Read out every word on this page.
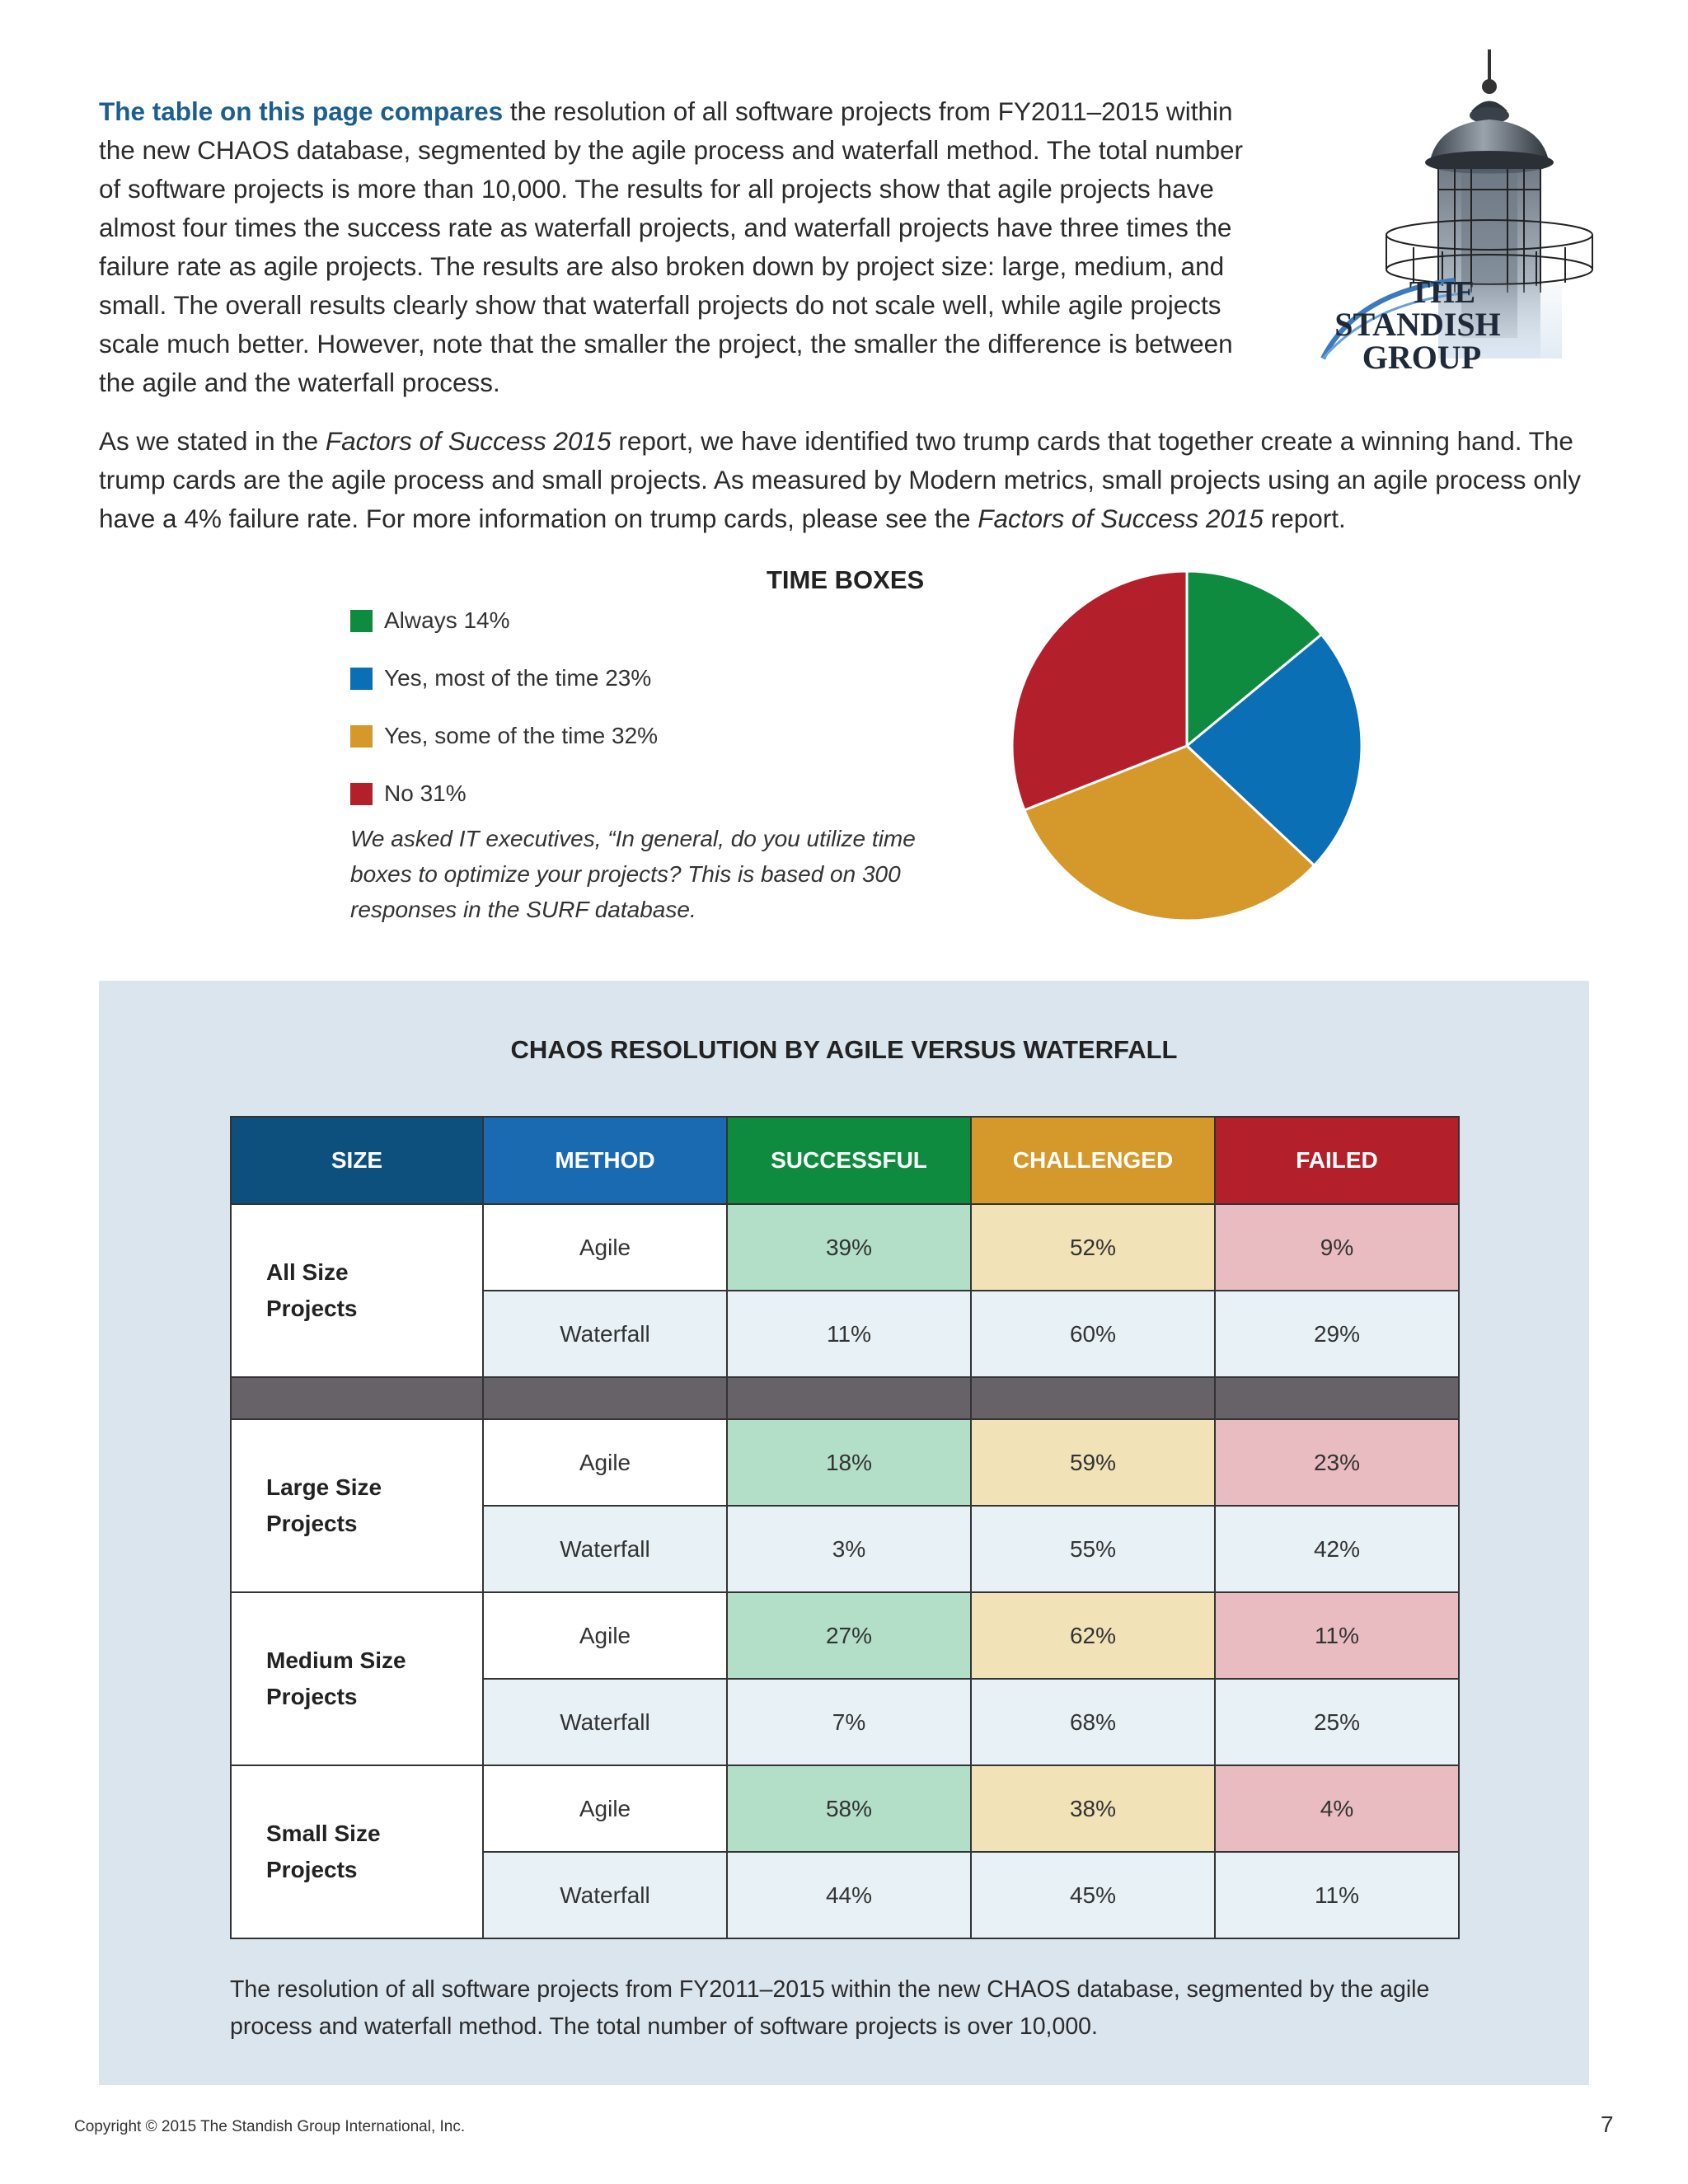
The table on this page compares the resolution of all software projects from FY2011–2015 within the new CHAOS database, segmented by the agile process and waterfall method. The total number of software projects is more than 10,000. The results for all projects show that agile projects have almost four times the success rate as waterfall projects, and waterfall projects have three times the failure rate as agile projects. The results are also broken down by project size: large, medium, and small. The overall results clearly show that waterfall projects do not scale well, while agile projects scale much better. However, note that the smaller the project, the smaller the difference is between the agile and the waterfall process.
THE
STANDISH
GROUP
As we stated in the Factors of Success 2015 report, we have identified two trump cards that together create a winning hand. The trump cards are the agile process and small projects. As measured by Modern metrics, small projects using an agile process only have a 4% failure rate. For more information on trump cards, please see the Factors of Success 2015 report.
TIME BOXES
Always 14%
Yes, most of the time 23%
Yes, some of the time 32%
No 31%
We asked IT executives, “In general, do you utilize time boxes to optimize your projects? This is based on 300 responses in the SURF database.
CHAOS RESOLUTION BY AGILE VERSUS WATERFALL
SIZE	METHOD	SUCCESSFUL	CHALLENGED	FAILED
All Size
Projects	Agile	39%	52%	9%
	Waterfall	11%	60%	29%

Large Size
Projects	Agile	18%	59%	23%
	Waterfall	3%	55%	42%
Medium Size
Projects	Agile	27%	62%	11%
	Waterfall	7%	68%	25%
Small Size
Projects	Agile	58%	38%	4%
	Waterfall	44%	45%	11%
The resolution of all software projects from FY2011–2015 within the new CHAOS database, segmented by the agile process and waterfall method. The total number of software projects is over 10,000.
Copyright © 2015 The Standish Group International, Inc.	7
